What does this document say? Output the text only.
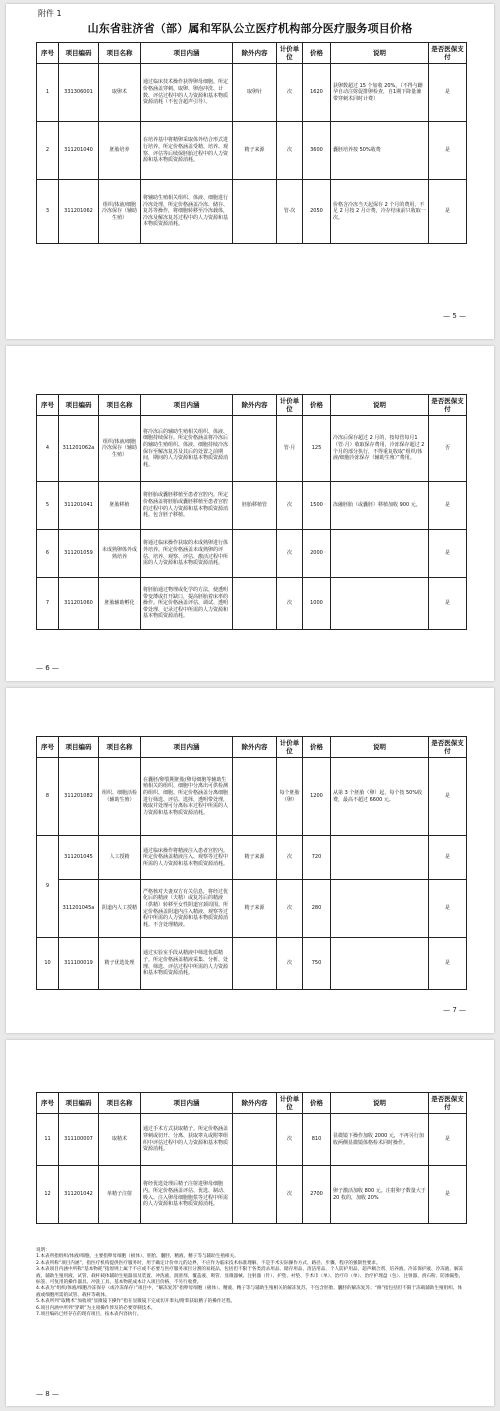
附件 1
山东省驻济省（部）属和军队公立医疗机构部分医疗服务项目价格
序号	项目编码	项目名称	项目内涵	除外内容	计价单位	价格	说明	是否医保支付
1	331306001	取卵术	通过临床技术操作获得卵母细胞。所定价格涵盖穿刺、取卵、卵泡冲洗、计数、评估过程中的人力资源和基本物质资源消耗（不包含超声引导）。	取卵针	次	1620	获卵数超过 15 个加收 20%。（不得与雌孕自动注射促排卵检查，自1期下降量兼带穿刺术同时计费）	是
2	311201040	胚胎培养	在培养基中将精卵采取体外结合形式进行培养。所定价格涵盖受精、培养、观察、评估等后续保胚胎过程中的人力资源和基本物质资源消耗。	精子来源	次	3600	囊胚培养按 50%收费	是
3	311201062	组织/体液/细胞冷冻保存（辅助生殖）	将辅助生殖相关组织、体液、细胞进行冷冻处理，所定价格涵盖冷冻、储存、复苏等操作，将细胞转移至冷冻载体，冷冻及解冻复苏过程中的人力资源和基本物质资源消耗。		管·次	2050	价格含冷冻当天起保存 2 个月的费用，不足 2 月按 2 月计费，冷存结束前只收取一次。	是
— 5 —
序号	项目编码	项目名称	项目内涵	除外内容	计价单位	价格	说明	是否医保支付
4	311201062a	组织/体液/细胞冷冻保存（辅助生殖）	将冷冻后的辅助生殖相关组织、体液、细胞持续保存。所定价格涵盖将冷冻后的辅助生殖组织、体液、细胞持续冷冻保存至解冻复苏及其后的处置之前期间，期间的人力资源和基本物质资源消耗。		管·月	125	冷冻后保存超过 2 月的，按每管每月1（管·月）收取保存费用，冷冻保存超过 2 个月的部分执行，不得重复收取“组织/体液/细胞冷冻保存（辅助生殖）”费用。	否
5	311201041	胚胎移植	将胚胎或囊胚移植至患者宫腔内。所定价格涵盖将胚胎或囊胚移植至患者宫腔的过程中的人力资源和基本物质资源消耗。包含胚子移植。	胚胎移植管	次	1500	冻融胚胎（或囊胚）移植加收 900 元。	是
6	311201059	未成熟卵体外成熟培养	将通过临床操作获取的未成熟卵进行体外培养。所定价格涵盖未成熟卵的评估、培养、观察、评估、激活过程中所需的人力资源和基本物质资源消耗。		次	2000		是
7	311201060	胚胎辅助孵化	将胚胎通过物理或化学的方法，使透明带变薄或打开缺口，提高胚胎着床率的操作。所定价格涵盖评估、调试、透明带处理、记录过程中所需的人力资源和基本物质资源消耗。		次	1000		是
— 6 —
序号	项目编码	项目名称	项目内涵	除外内容	计价单位	价格	说明	是否医保支付
8	311201082	组织、细胞活检（辅助生殖）	在囊胚/卵裂期胚胎/卵母细胞等辅助生殖相关的组织、细胞中分离出可供检测的组织、细胞。所定价格涵盖分离细胞进行筛选、评估、选择、透明带处理，吸取并处理可分离标本过程中所需的人力资源和基本物质资源消耗。		每个胚胎（卵）	1200	从第 3 个胚胎（卵）起，每个按 50%收费，最高不超过 6600 元。	是
9	311201045	人工授精	通过临床操作将精液注入患者宫腔内。所定价格涵盖精液注入、观察等过程中所需的人力资源和基本物质资源消耗。	精子来源	次	720		是
	311201045a	阴道内人工授精	严格核对夫妻双方有关信息，将经过优化后的精液（夫精）或复苏后的精液（供精）转移至女性阴道宫颈周围。所定价格涵盖阴道内注入精液、观察等过程中所需的人力资源和基本物质资源消耗。不含处理精液。	精子来源	次	280		是
10	311100019	精子优选处理	通过实验室手段从精液中筛选优质精子。所定价格涵盖精液采集、分析、处理、筛选、评估过程中所需的人力资源和基本物质资源消耗。		次	750		是
— 7 —
序号	项目编码	项目名称	项目内涵	除外内容	计价单位	价格	说明	是否医保支付
11	311100007	取精术	通过手术方式获取精子。所定价格涵盖穿刺或切开、分离、获取睾丸或附睾组织中评估过程中的人力资源和基本物质资源消耗。		次	810	显微镜下操作加收 2000 元，不再另行加收两侧显微镜体格检术同时操作。	是
12	311201042	单精子注射	将经优选处理后精子注射进卵母细胞内。所定价格涵盖评估、优选、制动、吸入、注入卵母细胞胞浆等过程中所需的人力资源和基本物质资源消耗。		次	2700	卵子激活加收 800 元。注射卵子数量大于 20 枚的，加收 20%	是
说明：
1.本表所指组织/体液/细胞，主要指卵母细胞（极体）、胚胎、囊胚、精液、精子等与辅助生殖相关。
2.本表所称“项目内涵”，指医疗机构提供医疗服务时，用于确定计价单元的边界，不应作为临床技术标准理解，不是手术实际操作方式、路径、步骤、程序的强制性要求。
3.本表项目内涵中所称“基本物耗”指原则上属于不应或不必要与医疗服务项目分割的易耗品，包括但不限于各类消杀用品、储存用品、清洁用品、个人防护用品、超声耦合剂、培养液、冷冻保护液、冷冻液、解冻液、辅助生殖用液、试管、载杆载体辅助生殖器皿及装置、冲洗液、润滑剂、覆盖液、吸管、显微器械、注射器（针）、护垫、衬垫、手术巾（单）、治疗巾（单）、治疗护理盘（包）、注射器、滑石粉、防渗漏垫、标签、可复用的操作器具、冲洗工具、基本物耗成本计入项目价格，不另行收费。
4.本表为“组织/体液/细胞冷冻保存（或冷冻保存）”项目中，“解冻复苏”指卵母细胞（极体）、精液、精子等与辅助生殖相关的解冻复苏，不包含胚胎、囊胚的解冻复苏；“修”指包括但不限于冻载辅助生殖组织、体液或细胞所需的试管、载杆等载体。
5.本表所列“取精术”加收项“显微镜下操作”指在显微镜下完成切开睾丸/附睾获取精子的操作过程。
6.项目内涵中所列“穿刺”为主项操作涉及的必要穿刺技术。
7.项目编码已经存在的现有项目，按本表内容执行。
— 8 —
